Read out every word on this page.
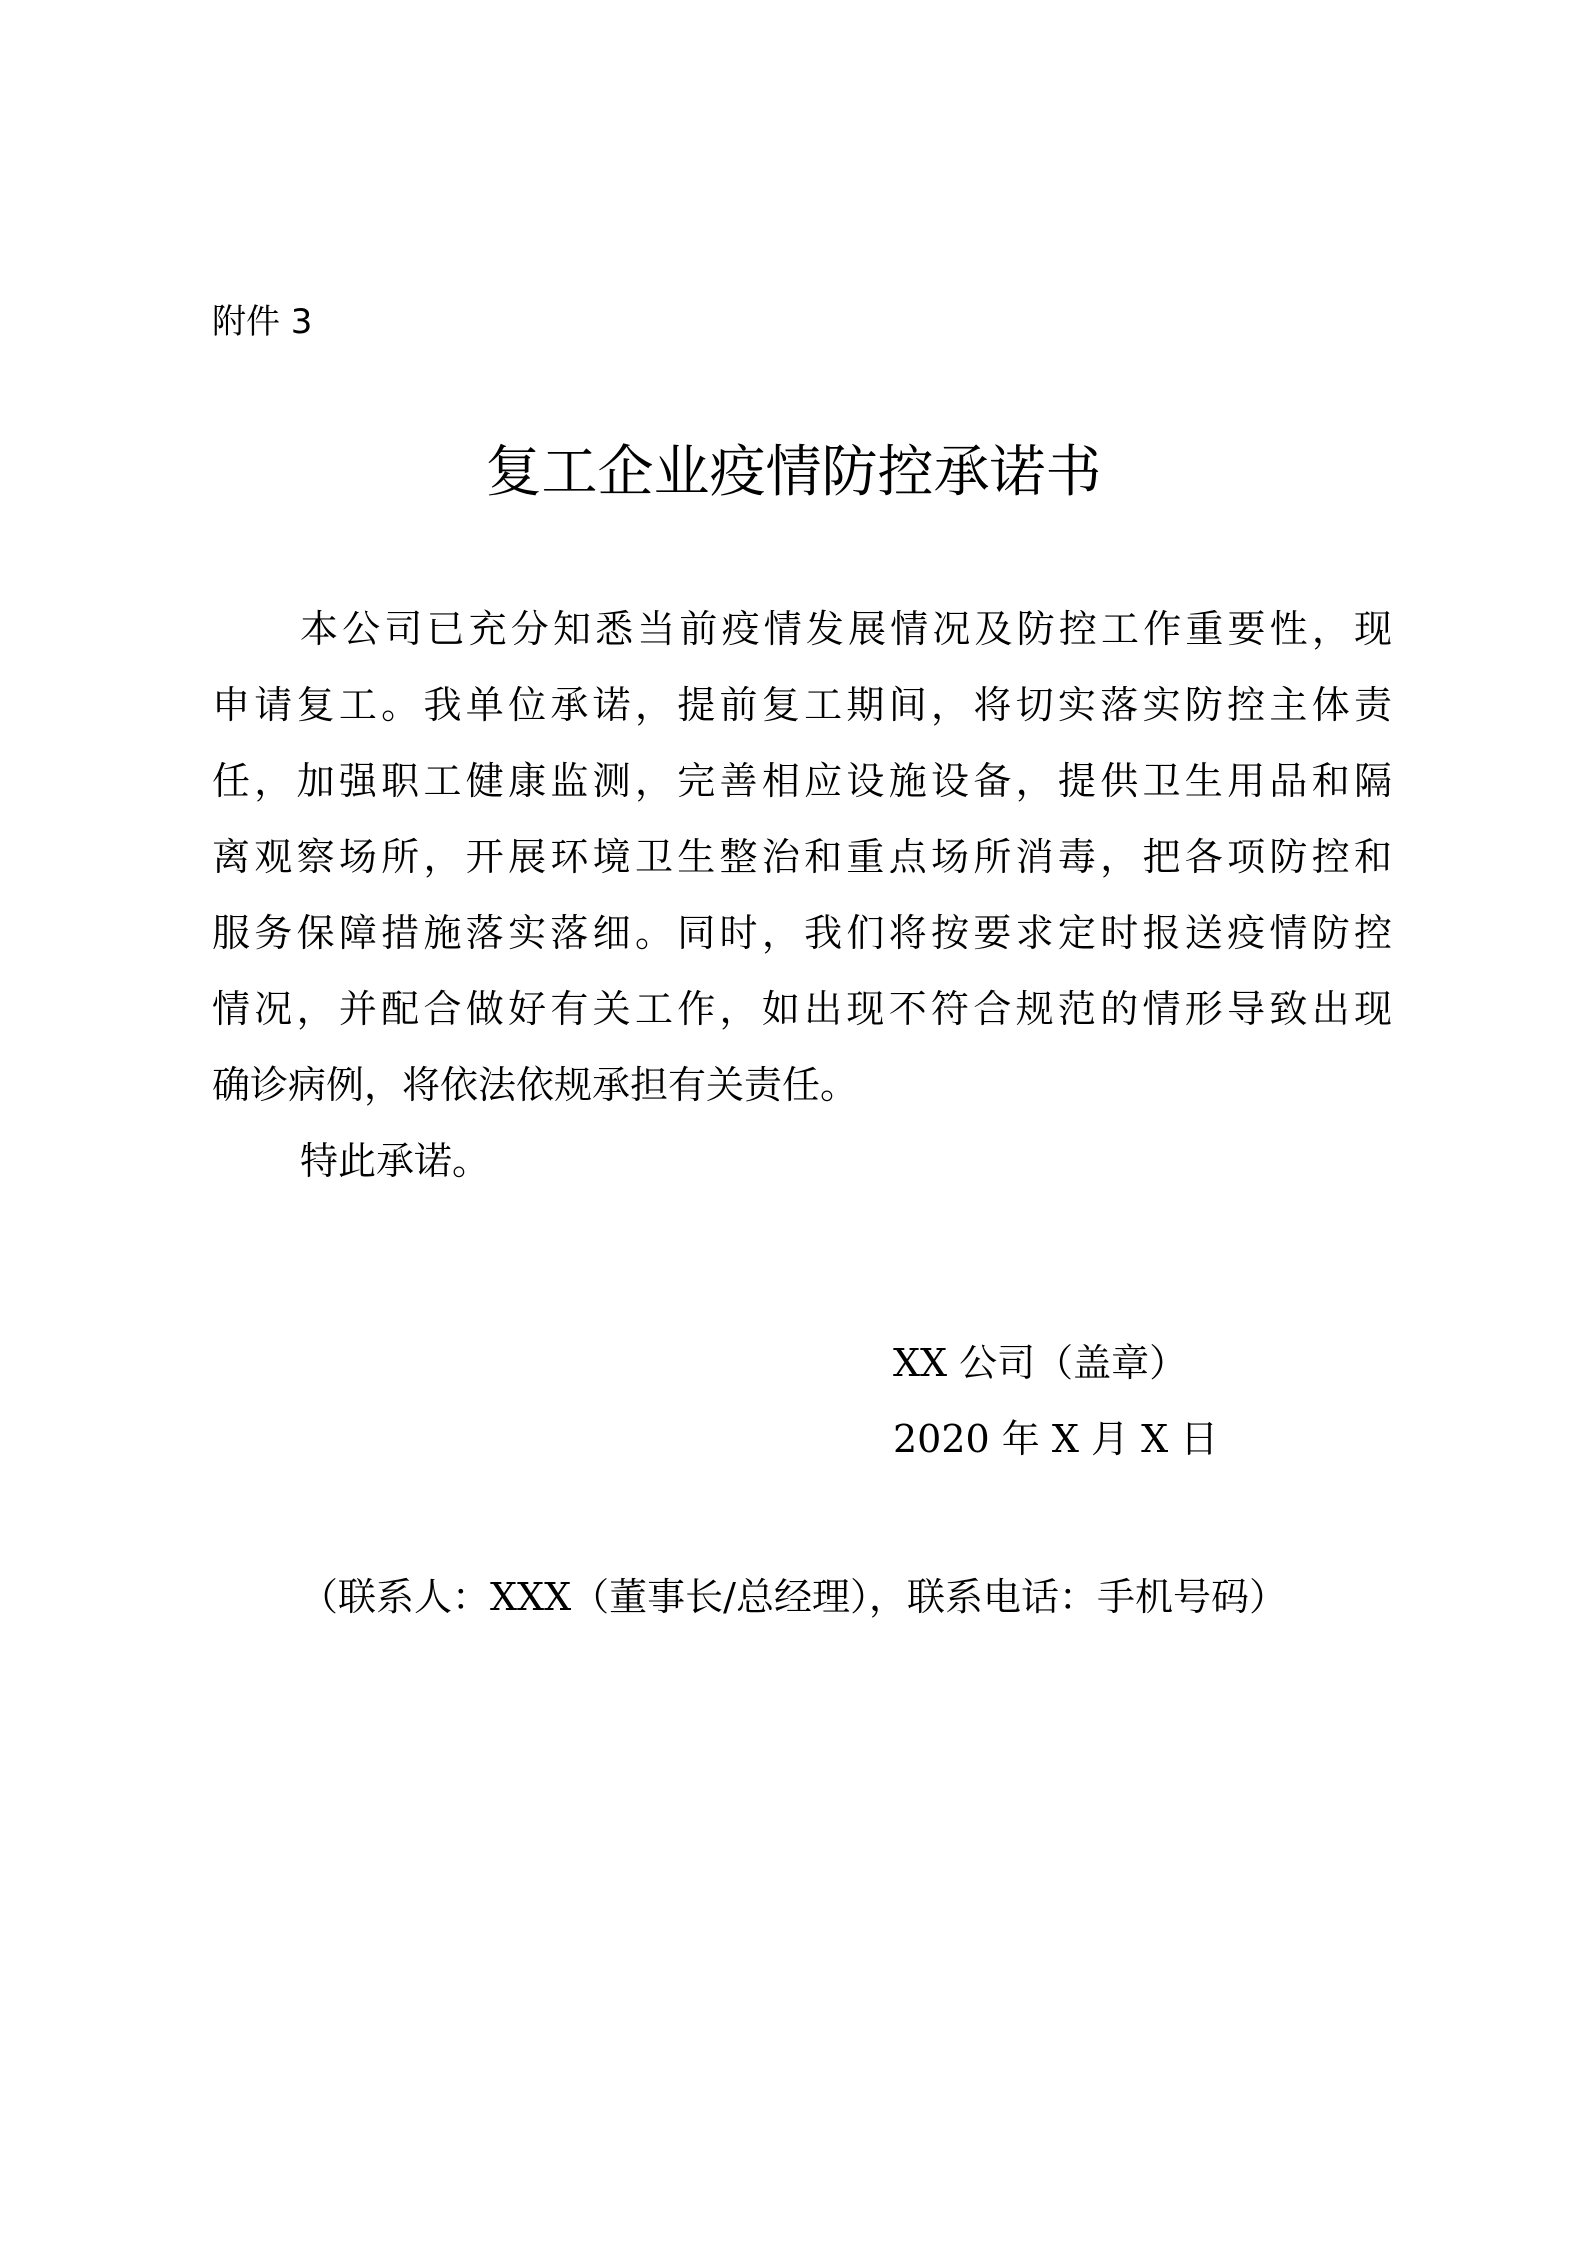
附件 3
复工企业疫情防控承诺书
本公司已充分知悉当前疫情发展情况及防控工作重要性，现
申请复工。我单位承诺，提前复工期间，将切实落实防控主体责
任，加强职工健康监测，完善相应设施设备，提供卫生用品和隔
离观察场所，开展环境卫生整治和重点场所消毒，把各项防控和
服务保障措施落实落细。同时，我们将按要求定时报送疫情防控
情况，并配合做好有关工作，如出现不符合规范的情形导致出现
确诊病例，将依法依规承担有关责任。
特此承诺。
XX 公司（盖章）
2020 年 X 月 X 日
（联系人：XXX（董事长/总经理），联系电话：手机号码）
